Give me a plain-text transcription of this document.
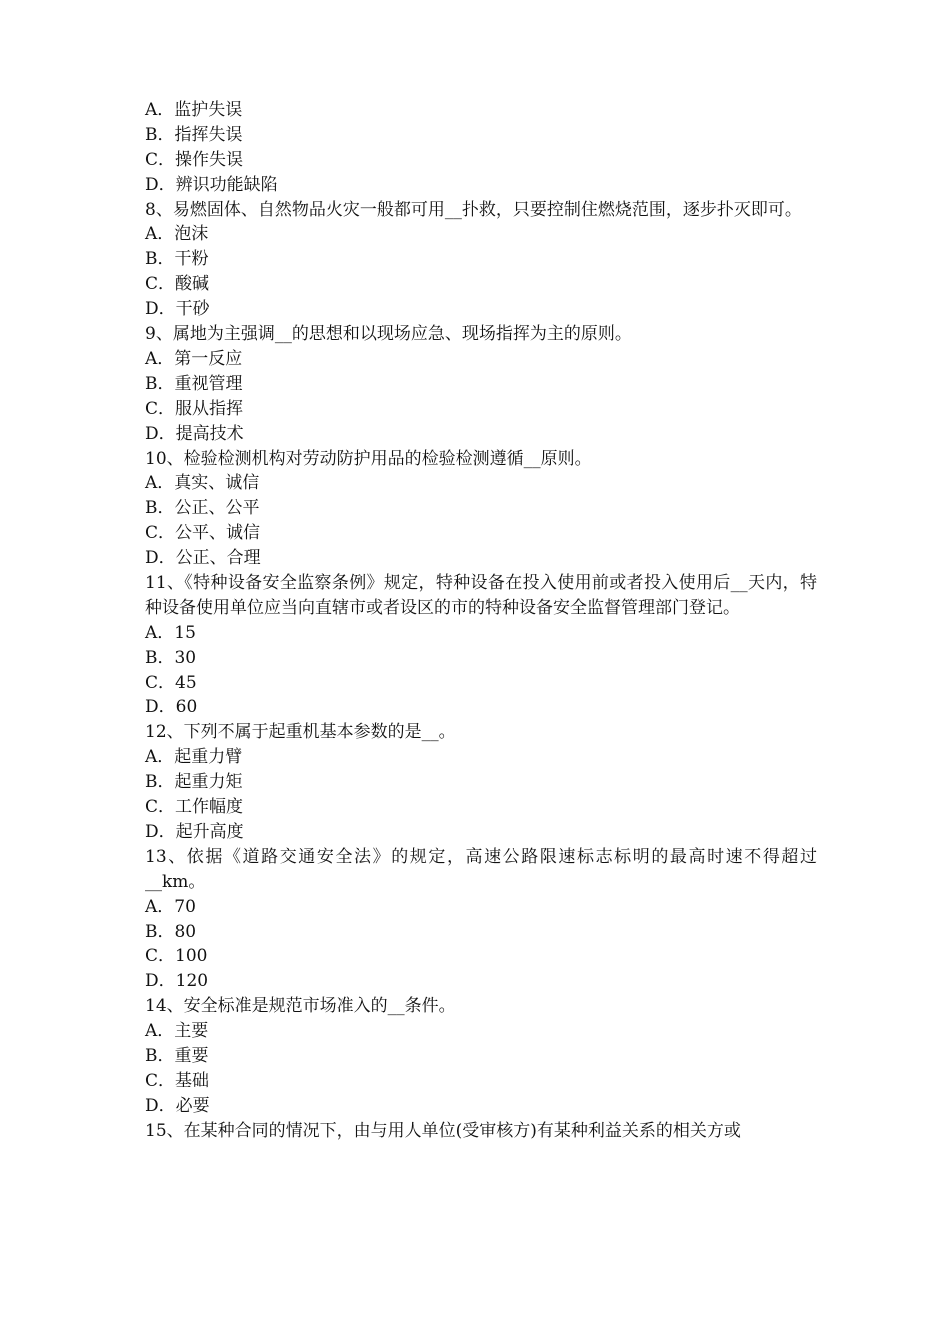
A．监护失误
B．指挥失误
C．操作失误
D．辨识功能缺陷
8、易燃固体、自然物品火灾一般都可用__扑救，只要控制住燃烧范围，逐步扑灭即可。
A．泡沫
B．干粉
C．酸碱
D．干砂
9、属地为主强调__的思想和以现场应急、现场指挥为主的原则。
A．第一反应
B．重视管理
C．服从指挥
D．提高技术
10、检验检测机构对劳动防护用品的检验检测遵循__原则。
A．真实、诚信
B．公正、公平
C．公平、诚信
D．公正、合理
11、《特种设备安全监察条例》规定，特种设备在投入使用前或者投入使用后__天内，特种设备使用单位应当向直辖市或者设区的市的特种设备安全监督管理部门登记。
A．15
B．30
C．45
D．60
12、下列不属于起重机基本参数的是__。
A．起重力臂
B．起重力矩
C．工作幅度
D．起升高度
13、依据《道路交通安全法》的规定，高速公路限速标志标明的最高时速不得超过__km。
A．70
B．80
C．100
D．120
14、安全标准是规范市场准入的__条件。
A．主要
B．重要
C．基础
D．必要
15、在某种合同的情况下，由与用人单位(受审核方)有某种利益关系的相关方或
